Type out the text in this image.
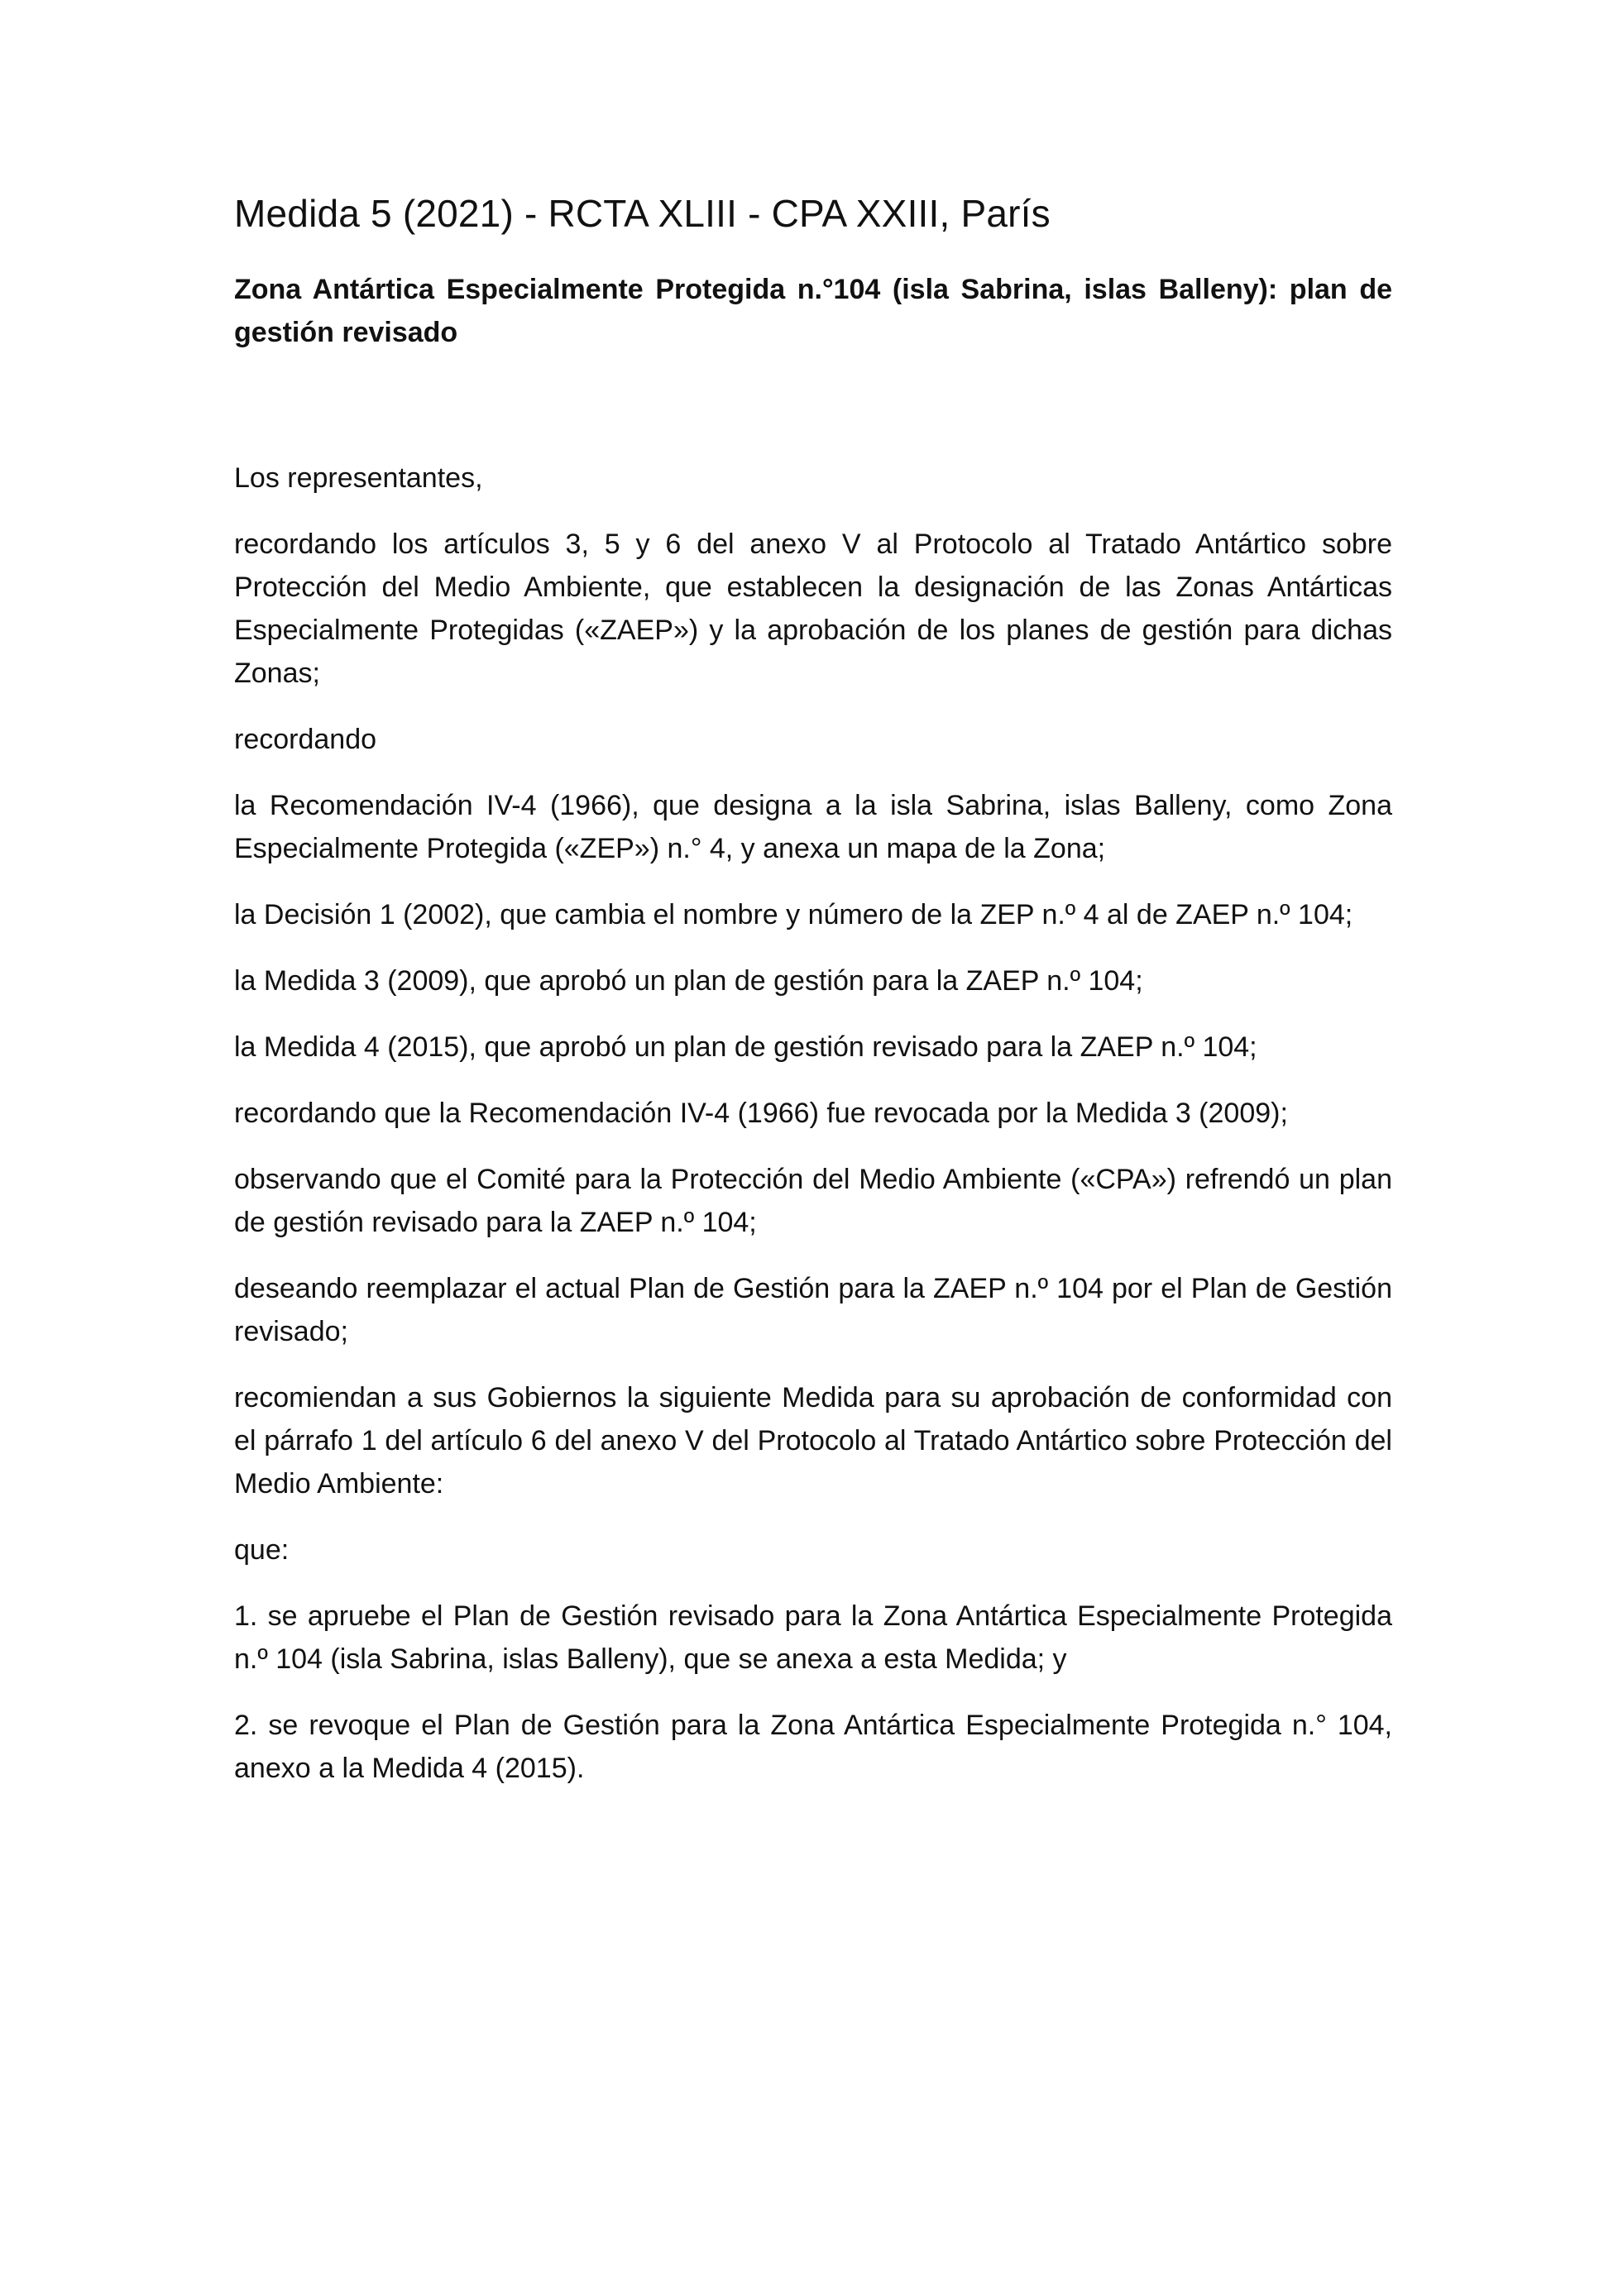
Medida 5 (2021) - RCTA XLIII - CPA XXIII, París

Zona Antártica Especialmente Protegida n.°104 (isla Sabrina, islas Balleny): plan de gestión revisado

Los representantes,

recordando los artículos 3, 5 y 6 del anexo V al Protocolo al Tratado Antártico sobre Protección del Medio Ambiente, que establecen la designación de las Zonas Antárticas Especialmente Protegidas («ZAEP») y la aprobación de los planes de gestión para dichas Zonas;

recordando

la Recomendación IV-4 (1966), que designa a la isla Sabrina, islas Balleny, como Zona Especialmente Protegida («ZEP») n.° 4, y anexa un mapa de la Zona;

la Decisión 1 (2002), que cambia el nombre y número de la ZEP n.º 4 al de ZAEP n.º 104;

la Medida 3 (2009), que aprobó un plan de gestión para la ZAEP n.º 104;

la Medida 4 (2015), que aprobó un plan de gestión revisado para la ZAEP n.º 104;

recordando que la Recomendación IV-4 (1966) fue revocada por la Medida 3 (2009);

observando que el Comité para la Protección del Medio Ambiente («CPA») refrendó un plan de gestión revisado para la ZAEP n.º 104;

deseando reemplazar el actual Plan de Gestión para la ZAEP n.º 104 por el Plan de Gestión revisado;

recomiendan a sus Gobiernos la siguiente Medida para su aprobación de conformidad con el párrafo 1 del artículo 6 del anexo V del Protocolo al Tratado Antártico sobre Protección del Medio Ambiente:

que:

1. se apruebe el Plan de Gestión revisado para la Zona Antártica Especialmente Protegida n.º 104 (isla Sabrina, islas Balleny), que se anexa a esta Medida; y

2. se revoque el Plan de Gestión para la Zona Antártica Especialmente Protegida n.° 104, anexo a la Medida 4 (2015).
